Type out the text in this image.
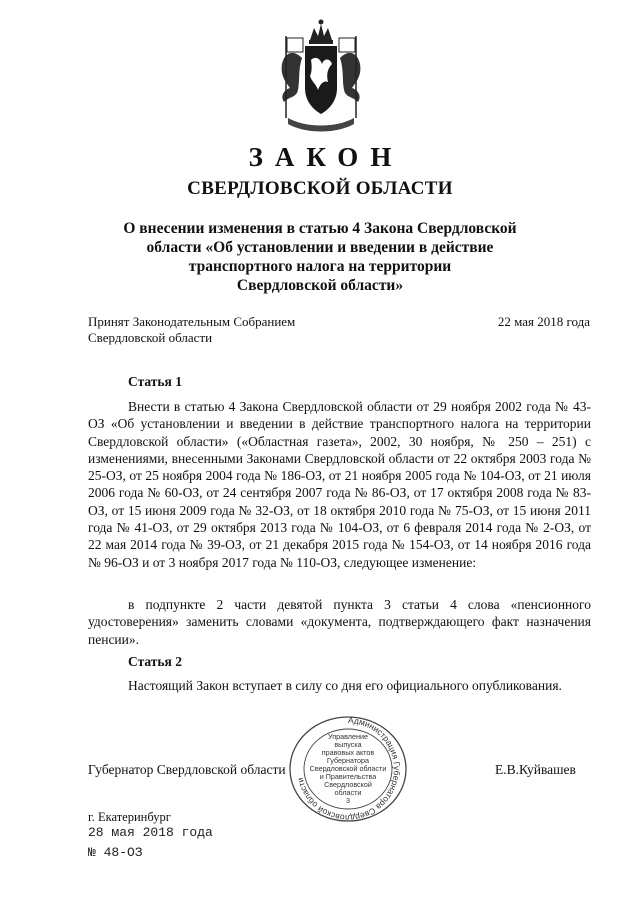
ЗАКОН
СВЕРДЛОВСКОЙ ОБЛАСТИ
О внесении изменения в статью 4 Закона Свердловской
области «Об установлении и введении в действие
транспортного налога на территории
Свердловской области»
Принят Законодательным Собранием
Свердловской области
22 мая 2018 года
Статья 1
Внести в статью 4 Закона Свердловской области от 29 ноября 2002 года № 43-ОЗ «Об установлении и введении в действие транспортного налога на территории Свердловской области» («Областная газета», 2002, 30 ноября, № 250 – 251) с изменениями, внесенными Законами Свердловской области от 22 октября 2003 года № 25-ОЗ, от 25 ноября 2004 года № 186-ОЗ, от 21 ноября 2005 года № 104-ОЗ, от 21 июля 2006 года № 60-ОЗ, от 24 сентября 2007 года № 86-ОЗ, от 17 октября 2008 года № 83-ОЗ, от 15 июня 2009 года № 32-ОЗ, от 18 октября 2010 года № 75-ОЗ, от 15 июня 2011 года № 41-ОЗ, от 29 октября 2013 года № 104-ОЗ, от 6 февраля 2014 года № 2-ОЗ, от 22 мая 2014 года № 39-ОЗ, от 21 декабря 2015 года № 154-ОЗ, от 14 ноября 2016 года № 96-ОЗ и от 3 ноября 2017 года № 110-ОЗ, следующее изменение:
в подпункте 2 части девятой пункта 3 статьи 4 слова «пенсионного удостоверения» заменить словами «документа, подтверждающего факт назначения пенсии».
Статья 2
Настоящий Закон вступает в силу со дня его официального опубликования.
Губернатор Свердловской области	Е.В.Куйвашев
Администрация Губернатора Свердловской области
Управление
выпуска
правовых актов
Губернатора
Свердловской области
и Правительства
Свердловской
области
3
г. Екатеринбург
28 мая 2018 года
№ 48-ОЗ
